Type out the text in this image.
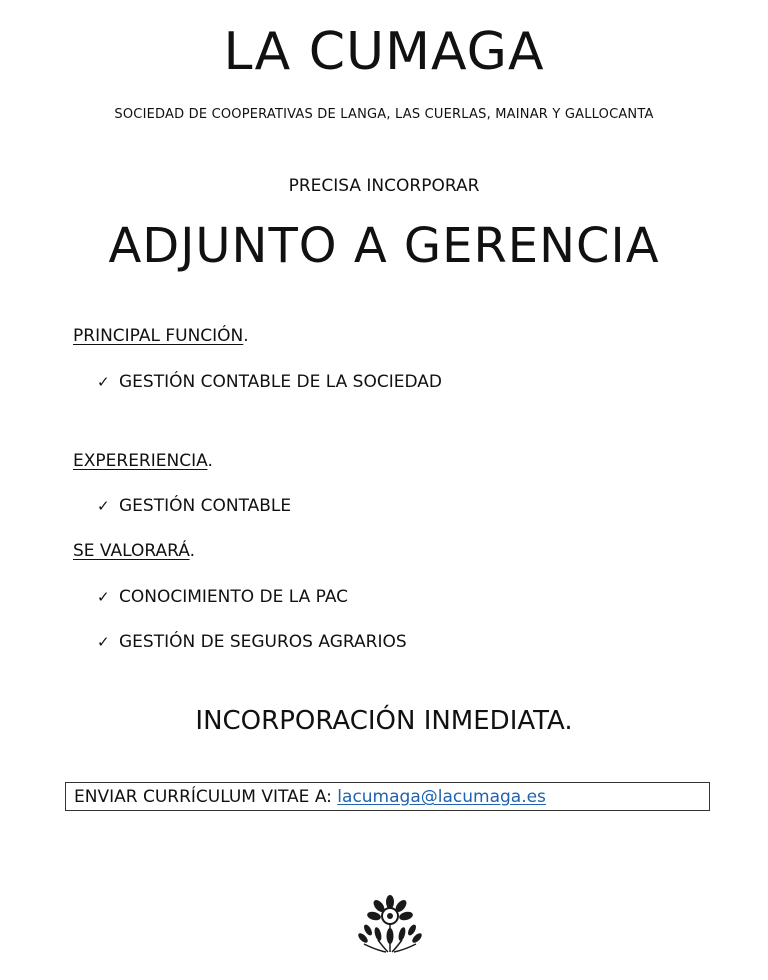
LA CUMAGA
SOCIEDAD DE COOPERATIVAS DE LANGA, LAS CUERLAS, MAINAR Y GALLOCANTA
PRECISA INCORPORAR
ADJUNTO A GERENCIA
PRINCIPAL FUNCIÓN.
✓ GESTIÓN CONTABLE DE LA SOCIEDAD
EXPERERIENCIA.
✓ GESTIÓN CONTABLE
SE VALORARÁ.
✓ CONOCIMIENTO DE LA PAC
✓ GESTIÓN DE SEGUROS AGRARIOS
INCORPORACIÓN INMEDIATA.
ENVIAR CURRÍCULUM VITAE A: lacumaga@lacumaga.es
